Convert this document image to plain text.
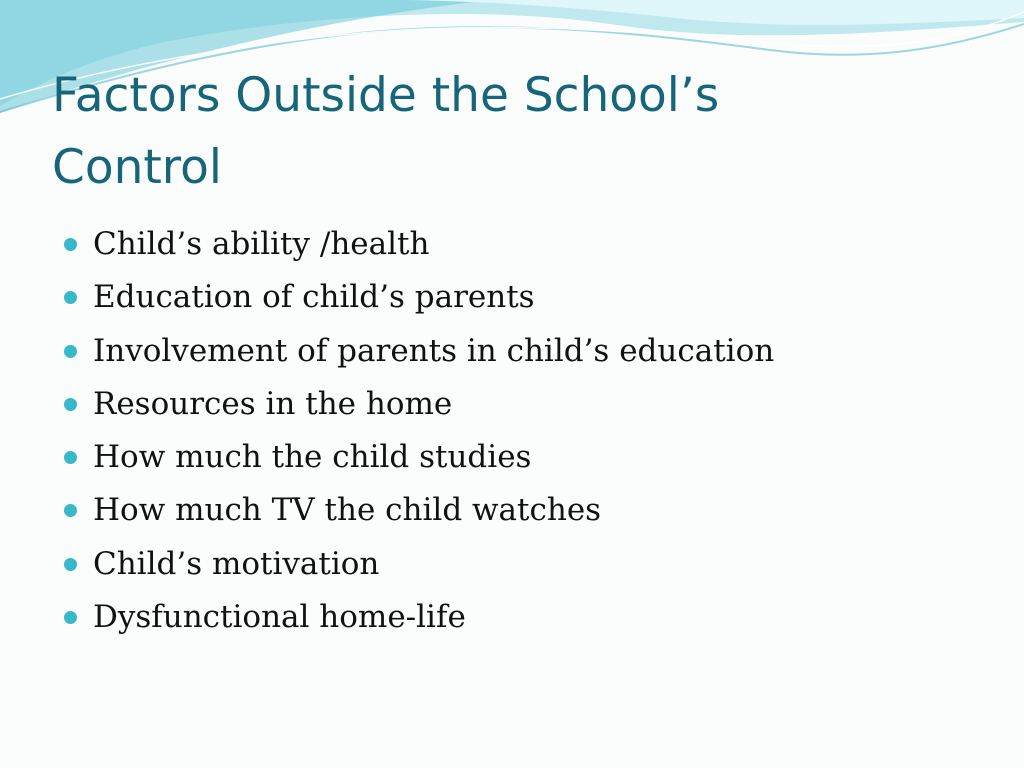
Factors Outside the School’s
Control
Child’s ability /health
Education of child’s parents
Involvement of parents in child’s education
Resources in the home
How much the child studies
How much TV the child watches
Child’s motivation
Dysfunctional home-life
